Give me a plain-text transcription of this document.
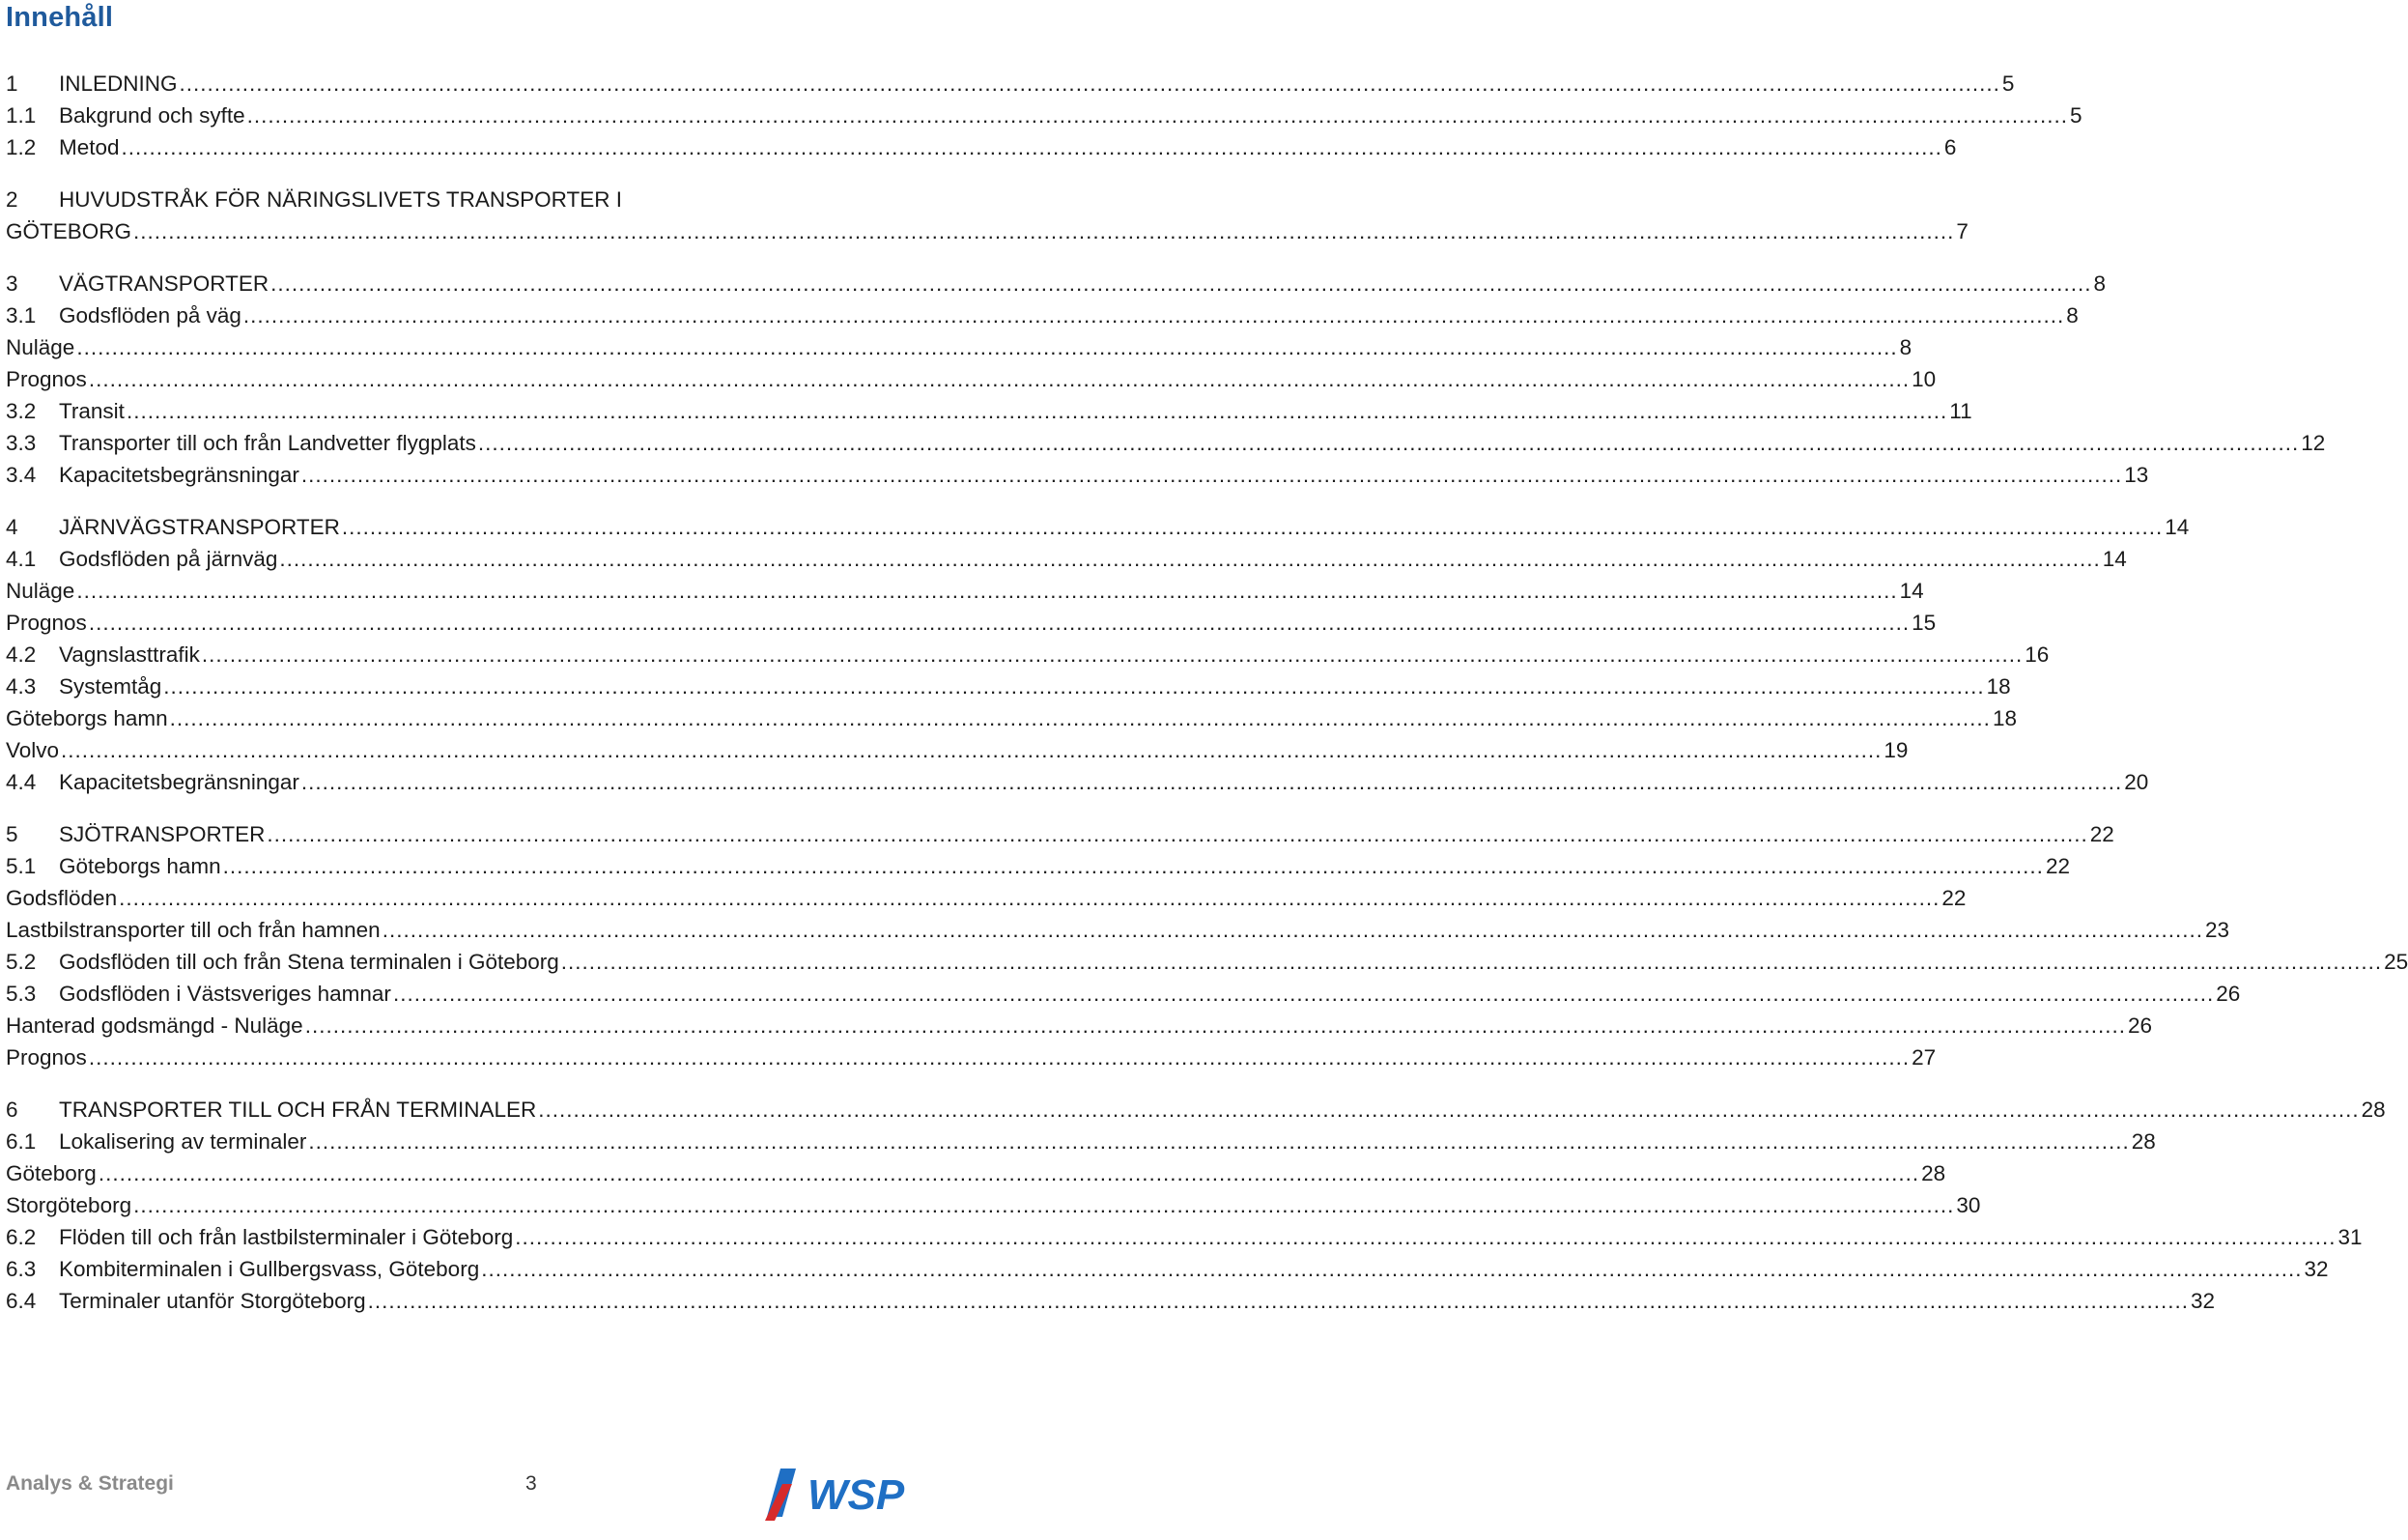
Innehåll
1	INLEDNING .....	5
1.1	Bakgrund och syfte .....	5
1.2	Metod .....	6
2	HUVUDSTRÅK FÖR NÄRINGSLIVETS TRANSPORTER I
GÖTEBORG .....	7
3	VÄGTRANSPORTER .....	8
3.1	Godsflöden på väg .....	8
Nuläge .....	8
Prognos .....	10
3.2	Transit .....	11
3.3	Transporter till och från Landvetter flygplats .....	12
3.4	Kapacitetsbegränsningar .....	13
4	JÄRNVÄGSTRANSPORTER .....	14
4.1	Godsflöden på järnväg .....	14
Nuläge .....	14
Prognos .....	15
4.2	Vagnslasttrafik .....	16
4.3	Systemtåg .....	18
Göteborgs hamn .....	18
Volvo .....	19
4.4	Kapacitetsbegränsningar .....	20
5	SJÖTRANSPORTER .....	22
5.1	Göteborgs hamn .....	22
Godsflöden .....	22
Lastbilstransporter till och från hamnen .....	23
5.2	Godsflöden till och från Stena terminalen i Göteborg .....	25
5.3	Godsflöden i Västsveriges hamnar .....	26
Hanterad godsmängd - Nuläge .....	26
Prognos .....	27
6	TRANSPORTER TILL OCH FRÅN TERMINALER .....	28
6.1	Lokalisering av terminaler .....	28
Göteborg .....	28
Storgöteborg .....	30
6.2	Flöden till och från lastbilsterminaler i Göteborg .....	31
6.3	Kombiterminalen i Gullbergsvass, Göteborg .....	32
6.4	Terminaler utanför Storgöteborg .....	32
Analys & Strategi	3	WSP
